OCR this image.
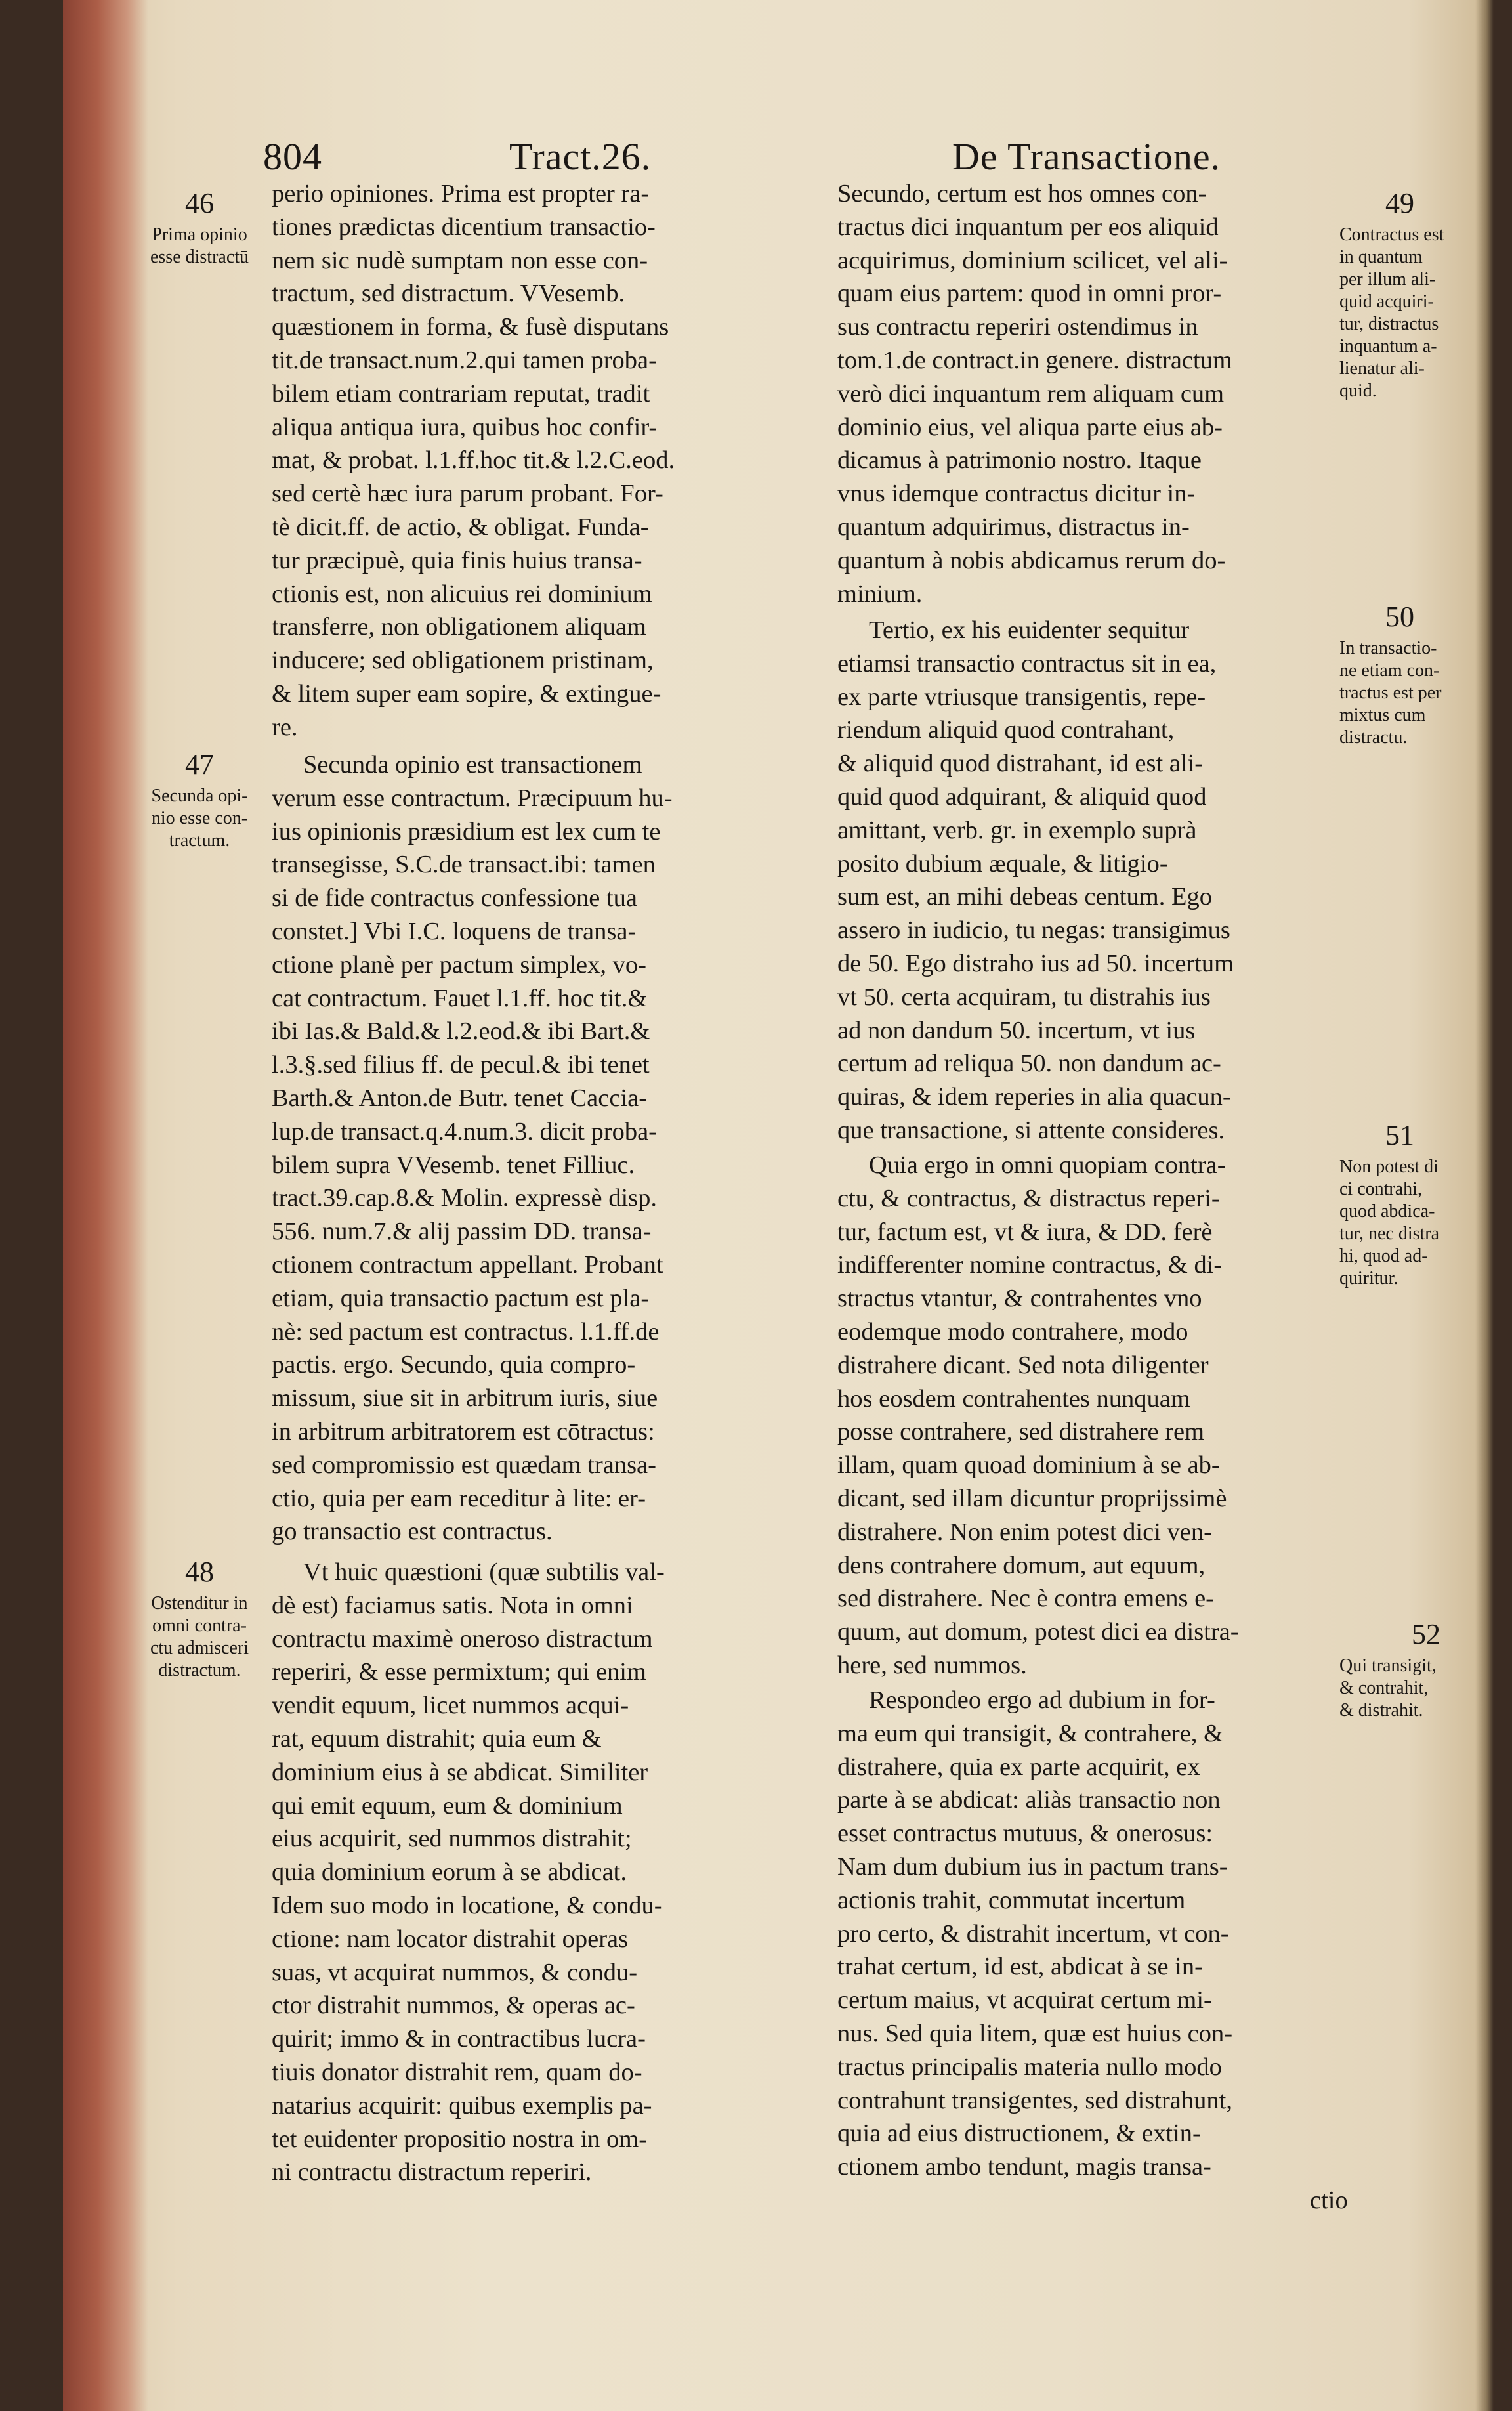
804	Tract.26.	De Transactione.
46
Prima opinio
esse distractū
47
Secunda opi-
nio esse con-
tractum.
48
Ostenditur in
omni contra-
ctu admisceri
distractum.
49
Contractus est
in quantum
per illum ali-
quid acquiri-
tur, distractus
inquantum a-
lienatur ali-
quid.
50
In transactio-
ne etiam con-
tractus est per
mixtus cum
distractu.
51
Non potest di
ci contrahi,
quod abdica-
tur, nec distra
hi, quod ad-
quiritur.
52
Qui transigit,
& contrahit,
& distrahit.
perio opiniones. Prima est propter ra-
tiones prædictas dicentium transactio-
nem sic nudè sumptam non esse con-
tractum, sed distractum. VVesemb.
quæstionem in forma, & fusè disputans
tit.de transact.num.2.qui tamen proba-
bilem etiam contrariam reputat, tradit
aliqua antiqua iura, quibus hoc confir-
mat, & probat. l.1.ff.hoc tit.& l.2.C.eod.
sed certè hæc iura parum probant. For-
tè dicit.ff. de actio, & obligat. Funda-
tur præcipuè, quia finis huius transa-
ctionis est, non alicuius rei dominium
transferre, non obligationem aliquam
inducere; sed obligationem pristinam,
& litem super eam sopire, & extingue-
re.
Secunda opinio est transactionem
verum esse contractum. Præcipuum hu-
ius opinionis præsidium est lex cum te
transegisse, S.C.de transact.ibi: tamen
si de fide contractus confessione tua
constet.] Vbi I.C. loquens de transa-
ctione planè per pactum simplex, vo-
cat contractum. Fauet l.1.ff. hoc tit.&
ibi Ias.& Bald.& l.2.eod.& ibi Bart.&
l.3.§.sed filius ff. de pecul.& ibi tenet
Barth.& Anton.de Butr. tenet Caccia-
lup.de transact.q.4.num.3. dicit proba-
bilem supra VVesemb. tenet Filliuc.
tract.39.cap.8.& Molin. expressè disp.
556. num.7.& alij passim DD. transa-
ctionem contractum appellant. Probant
etiam, quia transactio pactum est pla-
nè: sed pactum est contractus. l.1.ff.de
pactis. ergo. Secundo, quia compro-
missum, siue sit in arbitrum iuris, siue
in arbitrum arbitratorem est cōtractus:
sed compromissio est quædam transa-
ctio, quia per eam receditur à lite: er-
go transactio est contractus.
Vt huic quæstioni (quæ subtilis val-
dè est) faciamus satis. Nota in omni
contractu maximè oneroso distractum
reperiri, & esse permixtum; qui enim
vendit equum, licet nummos acqui-
rat, equum distrahit; quia eum &
dominium eius à se abdicat. Similiter
qui emit equum, eum & dominium
eius acquirit, sed nummos distrahit;
quia dominium eorum à se abdicat.
Idem suo modo in locatione, & condu-
ctione: nam locator distrahit operas
suas, vt acquirat nummos, & condu-
ctor distrahit nummos, & operas ac-
quirit; immo & in contractibus lucra-
tiuis donator distrahit rem, quam do-
natarius acquirit: quibus exemplis pa-
tet euidenter propositio nostra in om-
ni contractu distractum reperiri.
Secundo, certum est hos omnes con-
tractus dici inquantum per eos aliquid
acquirimus, dominium scilicet, vel ali-
quam eius partem: quod in omni pror-
sus contractu reperiri ostendimus in
tom.1.de contract.in genere. distractum
verò dici inquantum rem aliquam cum
dominio eius, vel aliqua parte eius ab-
dicamus à patrimonio nostro. Itaque
vnus idemque contractus dicitur in-
quantum adquirimus, distractus in-
quantum à nobis abdicamus rerum do-
minium.
Tertio, ex his euidenter sequitur
etiamsi transactio contractus sit in ea,
ex parte vtriusque transigentis, repe-
riendum aliquid quod contrahant,
& aliquid quod distrahant, id est ali-
quid quod adquirant, & aliquid quod
amittant, verb. gr. in exemplo suprà
posito dubium æquale, & litigio-
sum est, an mihi debeas centum. Ego
assero in iudicio, tu negas: transigimus
de 50. Ego distraho ius ad 50. incertum
vt 50. certa acquiram, tu distrahis ius
ad non dandum 50. incertum, vt ius
certum ad reliqua 50. non dandum ac-
quiras, & idem reperies in alia quacun-
que transactione, si attente consideres.
Quia ergo in omni quopiam contra-
ctu, & contractus, & distractus reperi-
tur, factum est, vt & iura, & DD. ferè
indifferenter nomine contractus, & di-
stractus vtantur, & contrahentes vno
eodemque modo contrahere, modo
distrahere dicant. Sed nota diligenter
hos eosdem contrahentes nunquam
posse contrahere, sed distrahere rem
illam, quam quoad dominium à se ab-
dicant, sed illam dicuntur proprijssimè
distrahere. Non enim potest dici ven-
dens contrahere domum, aut equum,
sed distrahere. Nec è contra emens e-
quum, aut domum, potest dici ea distra-
here, sed nummos.
Respondeo ergo ad dubium in for-
ma eum qui transigit, & contrahere, &
distrahere, quia ex parte acquirit, ex
parte à se abdicat: aliàs transactio non
esset contractus mutuus, & onerosus:
Nam dum dubium ius in pactum trans-
actionis trahit, commutat incertum
pro certo, & distrahit incertum, vt con-
trahat certum, id est, abdicat à se in-
certum maius, vt acquirat certum mi-
nus. Sed quia litem, quæ est huius con-
tractus principalis materia nullo modo
contrahunt transigentes, sed distrahunt,
quia ad eius distructionem, & extin-
ctionem ambo tendunt, magis transa-
ctio
